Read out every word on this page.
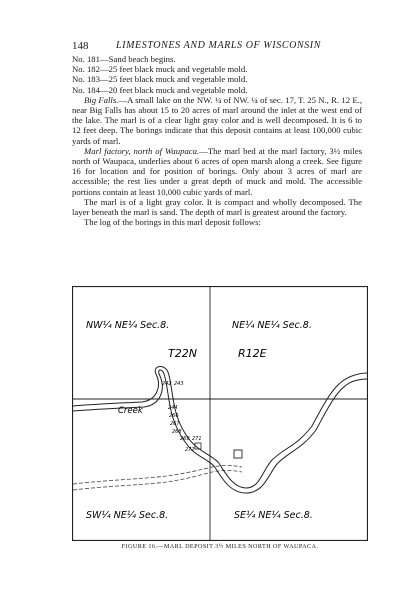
148	LIMESTONES AND MARLS OF WISCONSIN

No. 181—Sand beach begins.

No. 182—25 feet black muck and vegetable mold.

No. 183—25 feet black muck and vegetable mold.

No. 184—20 feet black muck and vegetable mold.

Big Falls.—A small lake on the NW. ¼ of NW. ¼ of sec. 17, T. 25 N., R. 12 E., near Big Falls has about 15 to 20 acres of marl around the inlet at the west end of the lake. The marl is of a clear light gray color and is well decomposed. It is 6 to 12 feet deep. The borings indicate that this deposit contains at least 100,000 cubic yards of marl.

Marl factory, north of Waupaca.—The marl bed at the marl factory, 3½ miles north of Waupaca, underlies about 6 acres of open marsh along a creek. See figure 16 for location and for position of borings. Only about 3 acres of marl are accessible; the rest lies under a great depth of muck and mold. The accessible portions contain at least 10,000 cubic yards of marl.

The marl is of a light gray color. It is compact and wholly decomposed. The layer beneath the marl is sand. The depth of marl is greatest around the factory.

The log of the borings in this marl deposit follows:

242 243
244
266
267
268
269 271
272
NW¼ NE¼ Sec.8.	NE¼ NE¼ Sec.8.
T22N	R12E
Creek
SW¼ NE¼ Sec.8.	SE¼ NE¼ Sec.8.
FIGURE 16.—MARL DEPOSIT 3½ MILES NORTH OF WAUPACA.
